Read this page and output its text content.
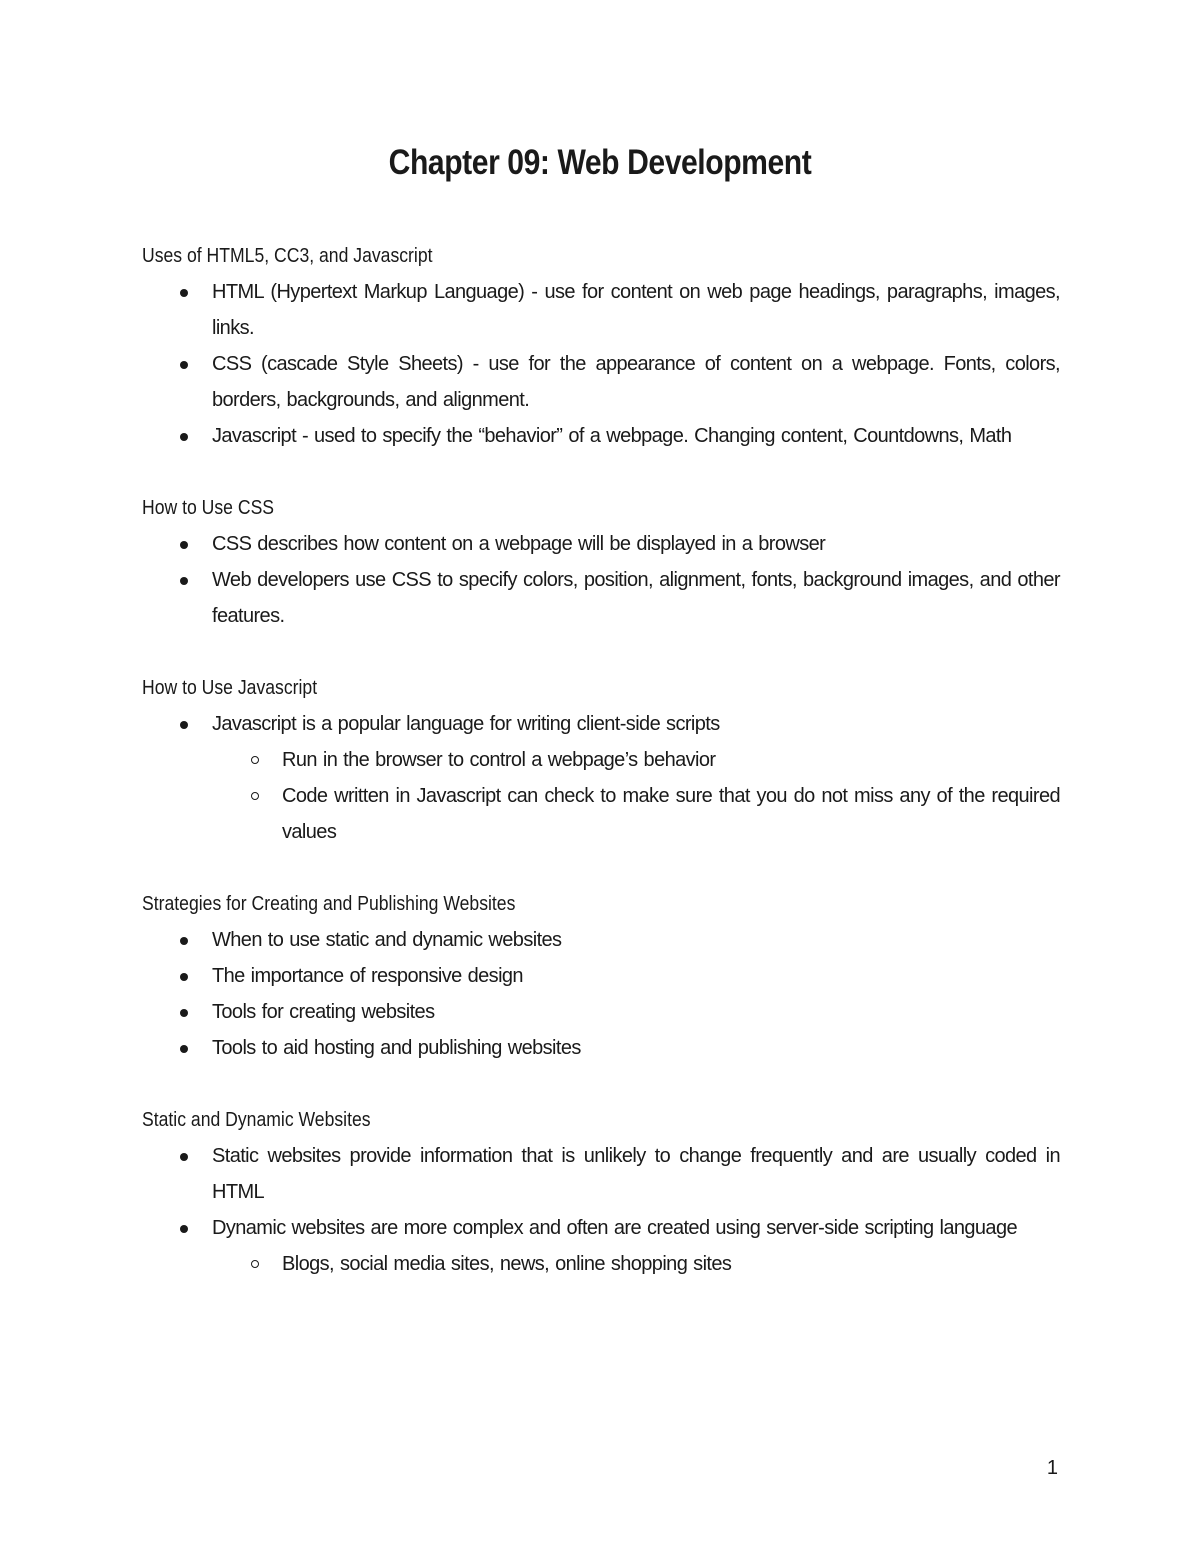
Chapter 09: Web Development

Uses of HTML5, CC3, and Javascript

HTML (Hypertext Markup Language) - use for content on web page headings, paragraphs, images, links.
CSS (cascade Style Sheets) - use for the appearance of content on a webpage. Fonts, colors, borders, backgrounds, and alignment.
Javascript - used to specify the “behavior” of a webpage. Changing content, Countdowns, Math

How to Use CSS

CSS describes how content on a webpage will be displayed in a browser
Web developers use CSS to specify colors, position, alignment, fonts, background images, and other features.

How to Use Javascript

Javascript is a popular language for writing client-side scripts
Run in the browser to control a webpage’s behavior
Code written in Javascript can check to make sure that you do not miss any of the required values

Strategies for Creating and Publishing Websites

When to use static and dynamic websites
The importance of responsive design
Tools for creating websites
Tools to aid hosting and publishing websites

Static and Dynamic Websites

Static websites provide information that is unlikely to change frequently and are usually coded in HTML
Dynamic websites are more complex and often are created using server-side scripting language
Blogs, social media sites, news, online shopping sites
1
